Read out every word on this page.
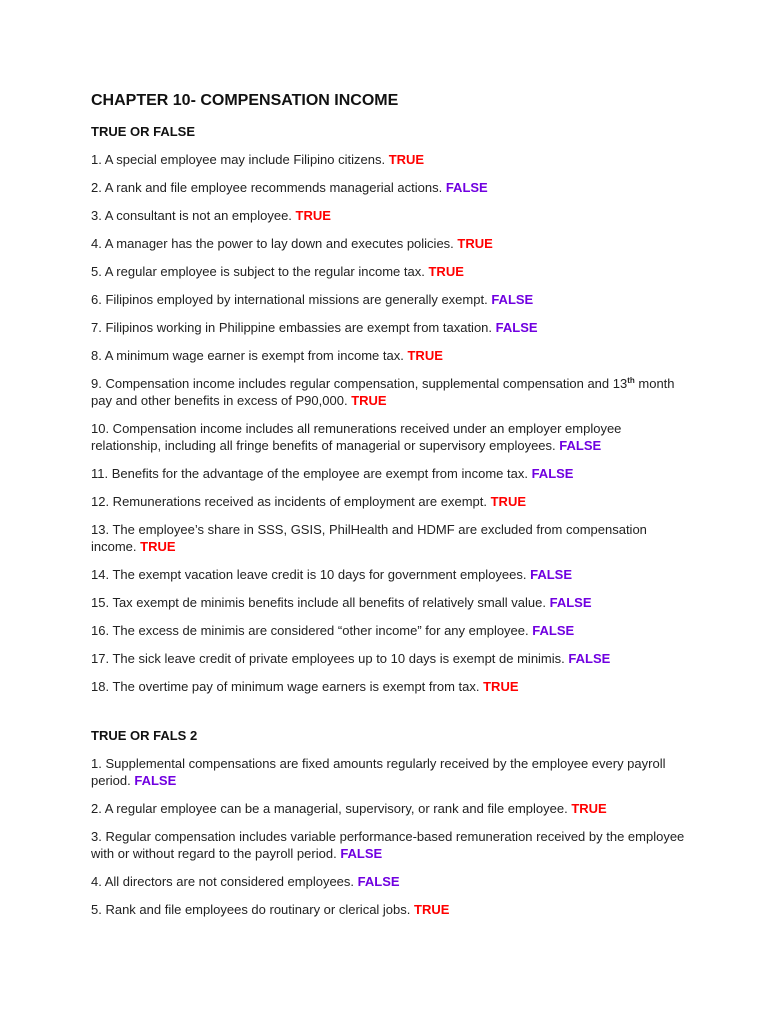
CHAPTER 10- COMPENSATION INCOME
TRUE OR FALSE
1. A special employee may include Filipino citizens. TRUE
2. A rank and file employee recommends managerial actions. FALSE
3. A consultant is not an employee. TRUE
4. A manager has the power to lay down and executes policies. TRUE
5. A regular employee is subject to the regular income tax. TRUE
6. Filipinos employed by international missions are generally exempt. FALSE
7. Filipinos working in Philippine embassies are exempt from taxation. FALSE
8. A minimum wage earner is exempt from income tax. TRUE
9. Compensation income includes regular compensation, supplemental compensation and 13th month pay and other benefits in excess of P90,000. TRUE
10. Compensation income includes all remunerations received under an employer employee relationship, including all fringe benefits of managerial or supervisory employees. FALSE
11. Benefits for the advantage of the employee are exempt from income tax. FALSE
12. Remunerations received as incidents of employment are exempt. TRUE
13. The employee’s share in SSS, GSIS, PhilHealth and HDMF are excluded from compensation income. TRUE
14. The exempt vacation leave credit is 10 days for government employees. FALSE
15. Tax exempt de minimis benefits include all benefits of relatively small value. FALSE
16. The excess de minimis are considered “other income” for any employee. FALSE
17. The sick leave credit of private employees up to 10 days is exempt de minimis. FALSE
18. The overtime pay of minimum wage earners is exempt from tax. TRUE
TRUE OR FALS 2
1. Supplemental compensations are fixed amounts regularly received by the employee every payroll period. FALSE
2. A regular employee can be a managerial, supervisory, or rank and file employee. TRUE
3. Regular compensation includes variable performance-based remuneration received by the employee with or without regard to the payroll period. FALSE
4. All directors are not considered employees. FALSE
5. Rank and file employees do routinary or clerical jobs. TRUE
